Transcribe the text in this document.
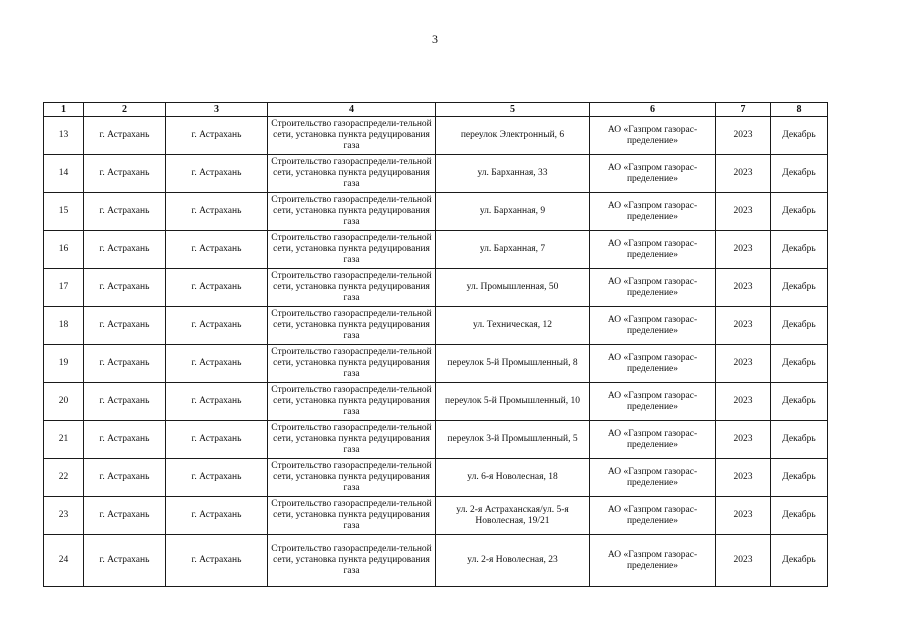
3
1	2	3	4	5	6	7	8
13	г. Астрахань	г. Астрахань	Строительство газораспредели-тельной сети, установка пункта редуцирования газа	переулок Электронный, 6	АО «Газпром газорас-пределение»	2023	Декабрь
14	г. Астрахань	г. Астрахань	Строительство газораспредели-тельной сети, установка пункта редуцирования газа	ул. Барханная, 33	АО «Газпром газорас-пределение»	2023	Декабрь
15	г. Астрахань	г. Астрахань	Строительство газораспредели-тельной сети, установка пункта редуцирования газа	ул. Барханная, 9	АО «Газпром газорас-пределение»	2023	Декабрь
16	г. Астрахань	г. Астрахань	Строительство газораспредели-тельной сети, установка пункта редуцирования газа	ул. Барханная, 7	АО «Газпром газорас-пределение»	2023	Декабрь
17	г. Астрахань	г. Астрахань	Строительство газораспредели-тельной сети, установка пункта редуцирования газа	ул. Промышленная, 50	АО «Газпром газорас-пределение»	2023	Декабрь
18	г. Астрахань	г. Астрахань	Строительство газораспредели-тельной сети, установка пункта редуцирования газа	ул. Техническая, 12	АО «Газпром газорас-пределение»	2023	Декабрь
19	г. Астрахань	г. Астрахань	Строительство газораспредели-тельной сети, установка пункта редуцирования газа	переулок 5-й Промышленный, 8	АО «Газпром газорас-пределение»	2023	Декабрь
20	г. Астрахань	г. Астрахань	Строительство газораспредели-тельной сети, установка пункта редуцирования газа	переулок 5-й Промышленный, 10	АО «Газпром газорас-пределение»	2023	Декабрь
21	г. Астрахань	г. Астрахань	Строительство газораспредели-тельной сети, установка пункта редуцирования газа	переулок 3-й Промышленный, 5	АО «Газпром газорас-пределение»	2023	Декабрь
22	г. Астрахань	г. Астрахань	Строительство газораспредели-тельной сети, установка пункта редуцирования газа	ул. 6-я Новолесная, 18	АО «Газпром газорас-пределение»	2023	Декабрь
23	г. Астрахань	г. Астрахань	Строительство газораспредели-тельной сети, установка пункта редуцирования газа	ул. 2-я Астраханская/ул. 5-я Новолесная, 19/21	АО «Газпром газорас-пределение»	2023	Декабрь
24	г. Астрахань	г. Астрахань	Строительство газораспредели-тельной сети, установка пункта редуцирования газа	ул. 2-я Новолесная, 23	АО «Газпром газорас-пределение»	2023	Декабрь
